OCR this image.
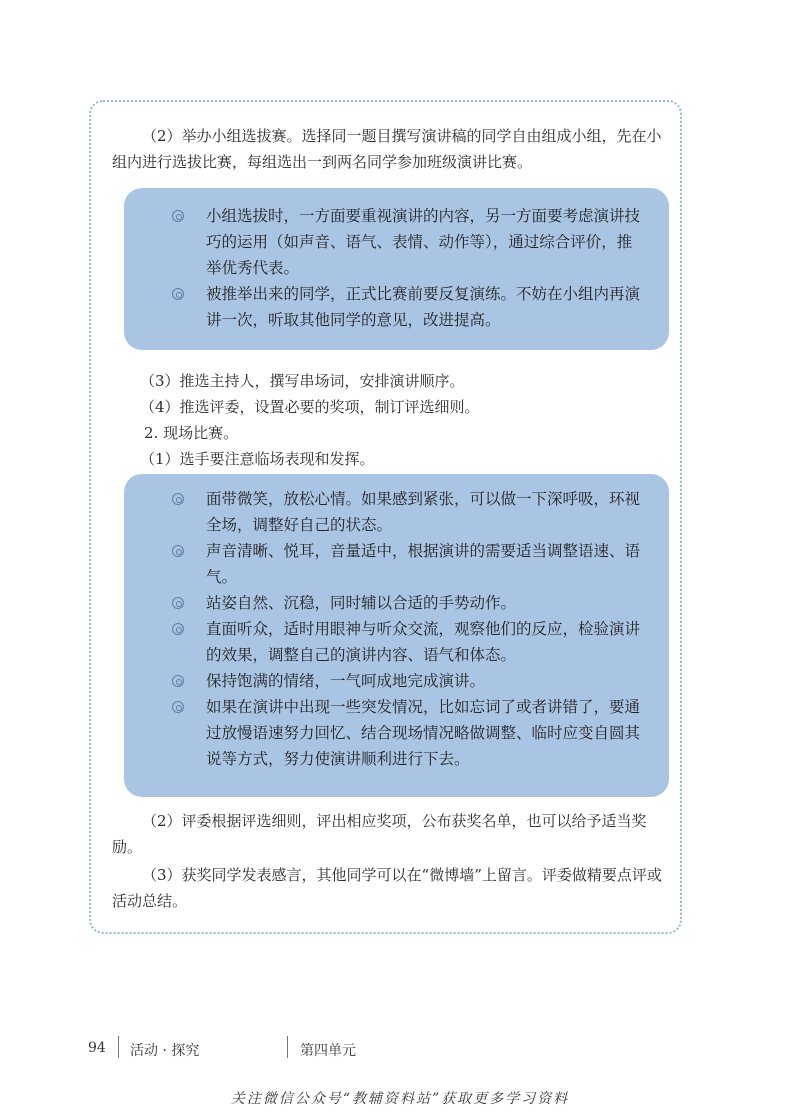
（2）举办小组选拔赛。选择同一题目撰写演讲稿的同学自由组成小组，先在小组内进行选拔比赛，每组选出一到两名同学参加班级演讲比赛。

小组选拔时，一方面要重视演讲的内容，另一方面要考虑演讲技巧的运用（如声音、语气、表情、动作等），通过综合评价，推举优秀代表。
被推举出来的同学，正式比赛前要反复演练。不妨在小组内再演讲一次，听取其他同学的意见，改进提高。
（3）推选主持人，撰写串场词，安排演讲顺序。
（4）推选评委，设置必要的奖项，制订评选细则。
2. 现场比赛。
（1）选手要注意临场表现和发挥。
面带微笑，放松心情。如果感到紧张，可以做一下深呼吸，环视全场，调整好自己的状态。
声音清晰、悦耳，音量适中，根据演讲的需要适当调整语速、语气。
站姿自然、沉稳，同时辅以合适的手势动作。
直面听众，适时用眼神与听众交流，观察他们的反应，检验演讲的效果，调整自己的演讲内容、语气和体态。
保持饱满的情绪，一气呵成地完成演讲。
如果在演讲中出现一些突发情况，比如忘词了或者讲错了，要通过放慢语速努力回忆、结合现场情况略做调整、临时应变自圆其说等方式，努力使演讲顺利进行下去。

（2）评委根据评选细则，评出相应奖项，公布获奖名单，也可以给予适当奖励。

（3）获奖同学发表感言，其他同学可以在“微博墙”上留言。评委做精要点评或活动总结。

94 活动 · 探究	第四单元
关注微信公众号“教辅资料站”获取更多学习资料
